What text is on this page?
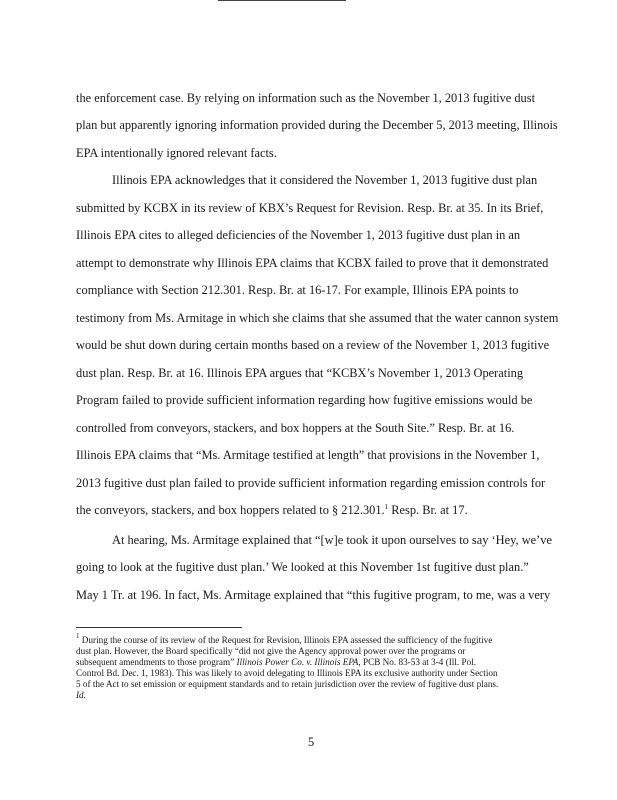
the enforcement case. By relying on information such as the November 1, 2013 fugitive dust
plan but apparently ignoring information provided during the December 5, 2013 meeting, Illinois
EPA intentionally ignored relevant facts.
Illinois EPA acknowledges that it considered the November 1, 2013 fugitive dust plan
submitted by KCBX in its review of KBX’s Request for Revision. Resp. Br. at 35. In its Brief,
Illinois EPA cites to alleged deficiencies of the November 1, 2013 fugitive dust plan in an
attempt to demonstrate why Illinois EPA claims that KCBX failed to prove that it demonstrated
compliance with Section 212.301. Resp. Br. at 16-17. For example, Illinois EPA points to
testimony from Ms. Armitage in which she claims that she assumed that the water cannon system
would be shut down during certain months based on a review of the November 1, 2013 fugitive
dust plan. Resp. Br. at 16. Illinois EPA argues that “KCBX’s November 1, 2013 Operating
Program failed to provide sufficient information regarding how fugitive emissions would be
controlled from conveyors, stackers, and box hoppers at the South Site.” Resp. Br. at 16.
Illinois EPA claims that “Ms. Armitage testified at length” that provisions in the November 1,
2013 fugitive dust plan failed to provide sufficient information regarding emission controls for
the conveyors, stackers, and box hoppers related to § 212.301.$^1$ Resp. Br. at 17.
At hearing, Ms. Armitage explained that “[w]e took it upon ourselves to say ‘Hey, we’ve
going to look at the fugitive dust plan.’ We looked at this November 1st fugitive dust plan.”
May 1 Tr. at 196. In fact, Ms. Armitage explained that “this fugitive program, to me, was a very
$^1$ During the course of its review of the Request for Revision, Illinois EPA assessed the sufficiency of the fugitive
dust plan. However, the Board specifically “did not give the Agency approval power over the programs or
subsequent amendments to those program” Illinois Power Co. v. Illinois EPA, PCB No. 83-53 at 3-4 (Ill. Pol.
Control Bd. Dec. 1, 1983). This was likely to avoid delegating to Illinois EPA its exclusive authority under Section
5 of the Act to set emission or equipment standards and to retain jurisdiction over the review of fugitive dust plans.
Id.
5
